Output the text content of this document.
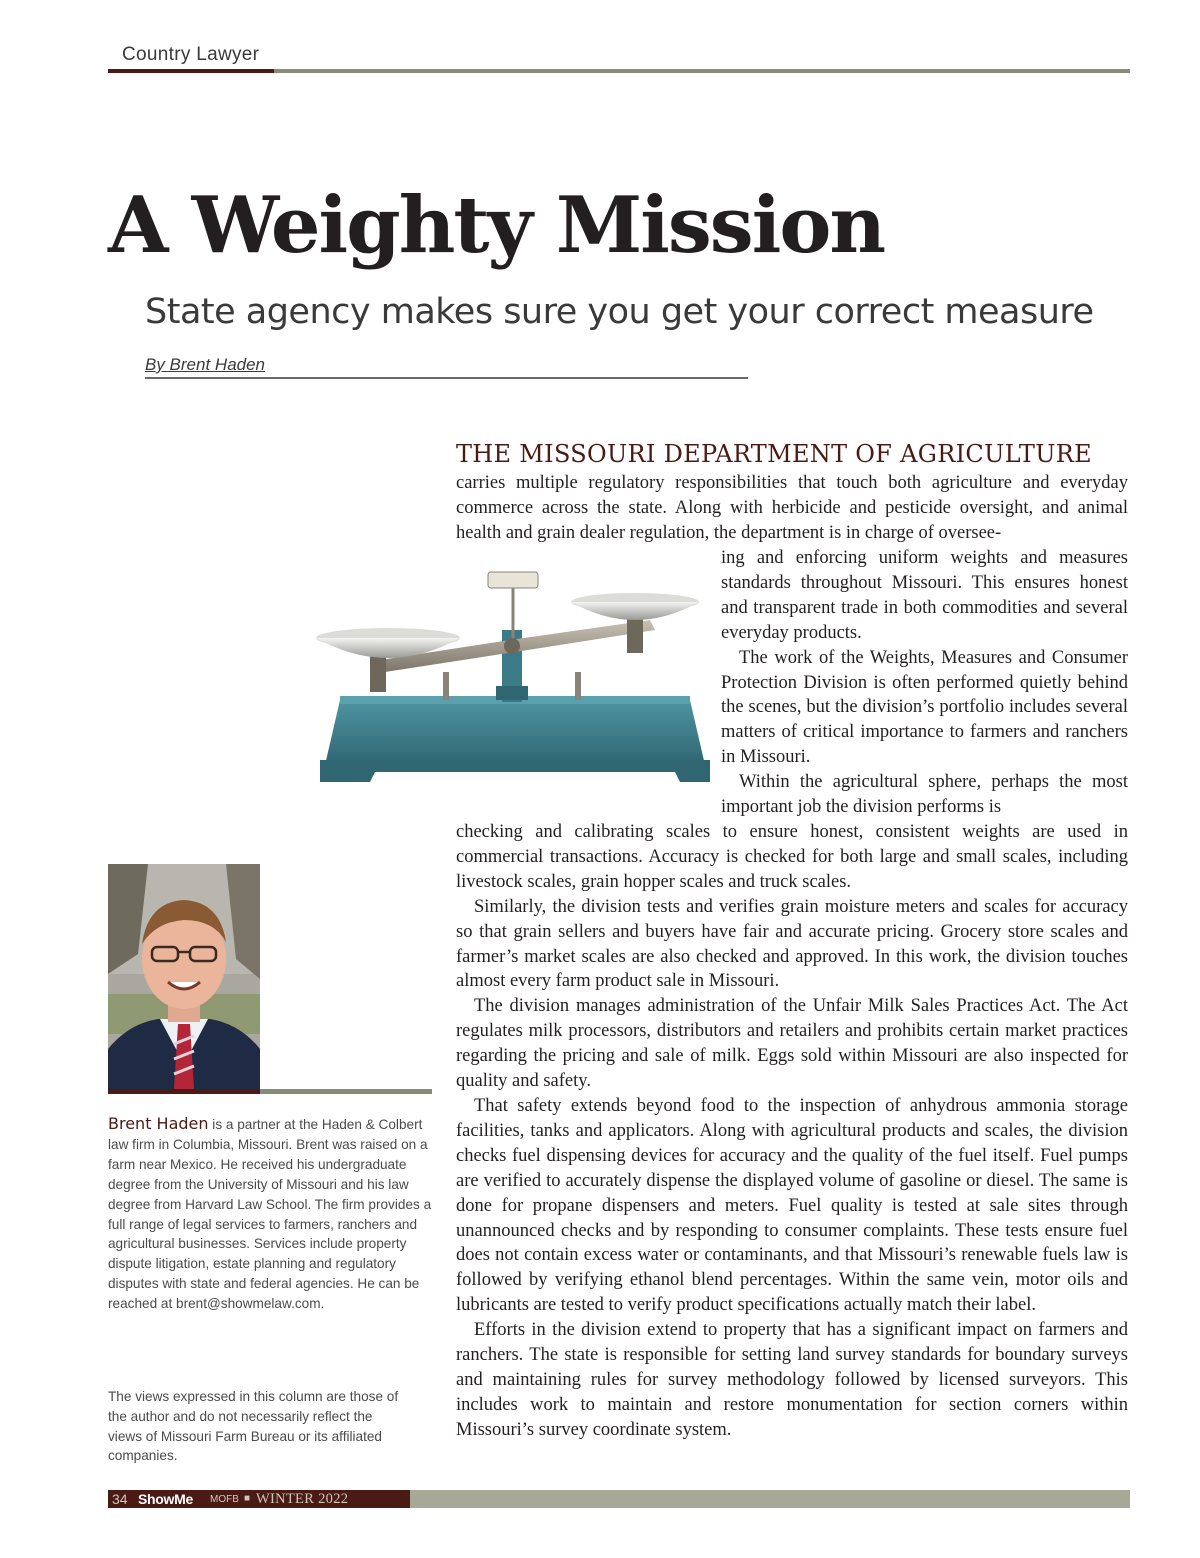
Country Lawyer
A Weighty Mission
State agency makes sure you get your correct measure
By Brent Haden
THE MISSOURI DEPARTMENT OF AGRICULTURE

carries multiple regulatory responsibilities that touch both agriculture and everyday commerce across the state. Along with herbicide and pesticide oversight, and animal health and grain dealer regulation, the department is in charge of oversee-

ing and enforcing uniform weights and measures standards throughout Missouri. This ensures honest and transparent trade in both commodities and several everyday products.

The work of the Weights, Measures and Consumer Protection Division is often performed quietly behind the scenes, but the division’s portfolio includes several matters of critical importance to farmers and ranchers in Missouri.

Within the agricultural sphere, perhaps the most important job the division performs is

checking and calibrating scales to ensure honest, consistent weights are used in commercial transactions. Accuracy is checked for both large and small scales, including livestock scales, grain hopper scales and truck scales.

Similarly, the division tests and verifies grain moisture meters and scales for accuracy so that grain sellers and buyers have fair and accurate pricing. Grocery store scales and farmer’s market scales are also checked and approved. In this work, the division touches almost every farm product sale in Missouri.

The division manages administration of the Unfair Milk Sales Practices Act. The Act regulates milk processors, distributors and retailers and prohibits certain market practices regarding the pricing and sale of milk. Eggs sold within Missouri are also inspected for quality and safety.

That safety extends beyond food to the inspection of anhydrous ammonia storage facilities, tanks and applicators. Along with agricultural products and scales, the division checks fuel dispensing devices for accuracy and the quality of the fuel itself. Fuel pumps are verified to accurately dispense the displayed volume of gasoline or diesel. The same is done for propane dispensers and meters. Fuel quality is tested at sale sites through unannounced checks and by responding to consumer complaints. These tests ensure fuel does not contain excess water or contaminants, and that Missouri’s renewable fuels law is followed by verifying ethanol blend percentages. Within the same vein, motor oils and lubricants are tested to verify product specifications actually match their label.

Efforts in the division extend to property that has a significant impact on farmers and ranchers. The state is responsible for setting land survey standards for boundary surveys and maintaining rules for survey methodology followed by licensed surveyors. This includes work to maintain and restore monumentation for section corners within Missouri’s survey coordinate system.

Brent Haden is a partner at the Haden & Colbert law firm in Columbia, Missouri. Brent was raised on a farm near Mexico. He received his undergraduate degree from the University of Missouri and his law degree from Harvard Law School. The firm provides a full range of legal services to farmers, ranchers and agricultural businesses. Services include property dispute litigation, estate planning and regulatory disputes with state and federal agencies. He can be reached at brent@showmelaw.com.
The views expressed in this column are those of the author and do not necessarily reflect the views of Missouri Farm Bureau or its affiliated companies.
34 ShowMe MOFB ■ WINTER 2022
